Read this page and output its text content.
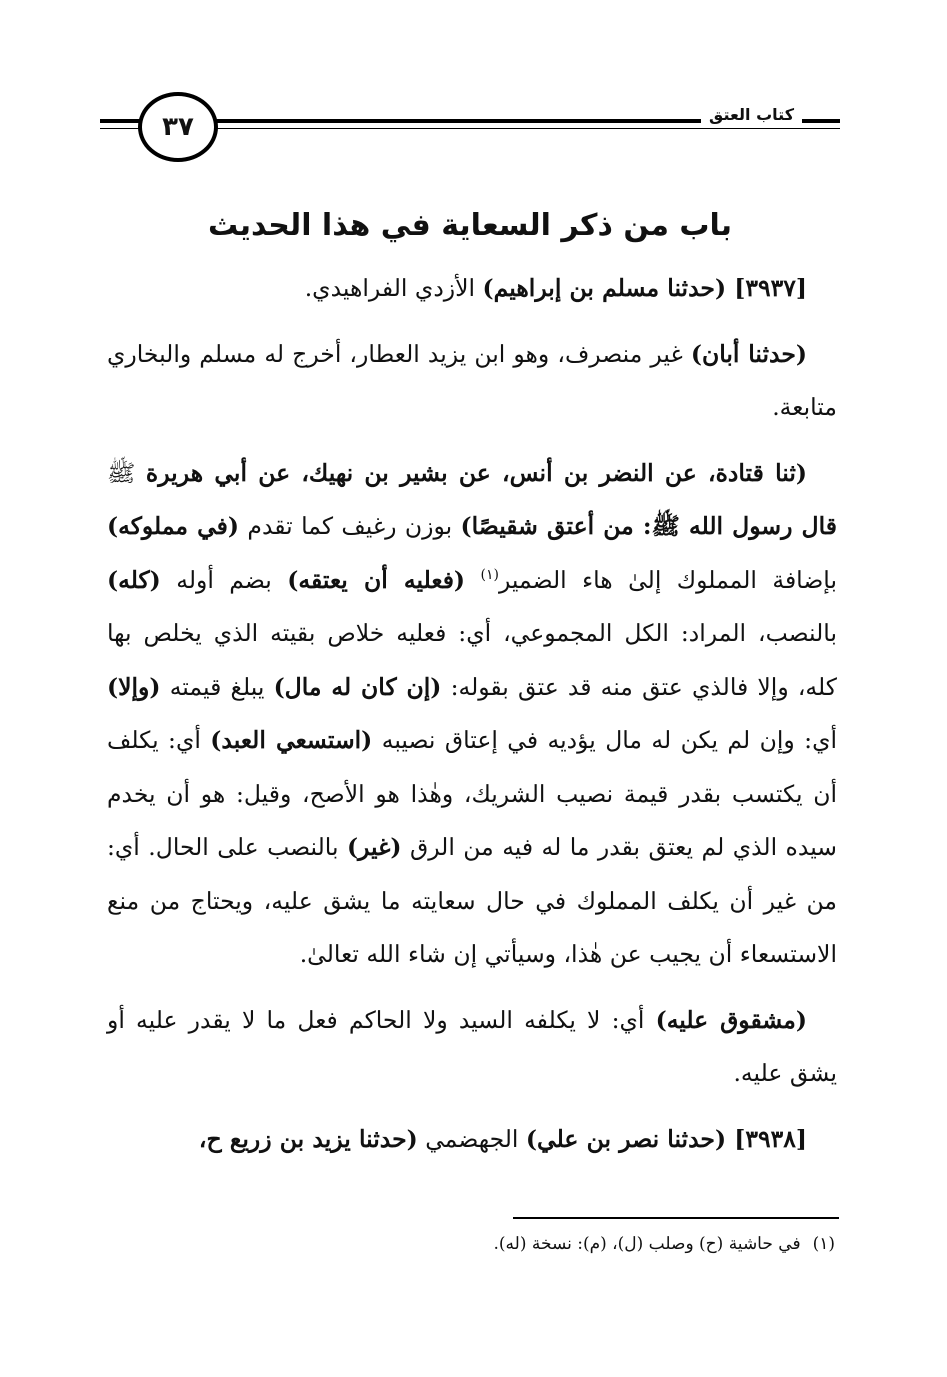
كتاب العتق
٣٧
باب من ذكر السعاية في هذا الحديث

[٣٩٣٧] (حدثنا مسلم بن إبراهيم) الأزدي الفراهيدي.

(حدثنا أبان) غير منصرف، وهو ابن يزيد العطار، أخرج له مسلم والبخاري متابعة.

(ثنا قتادة، عن النضر بن أنس، عن بشير بن نهيك، عن أبي هريرة ﷺ قال رسول الله ﷺ: من أعتق شقيصًا) بوزن رغيف كما تقدم (في مملوكه) بإضافة المملوك إلىٰ هاء الضمير$^{(١)}$ (فعليه أن يعتقه) بضم أوله (كله) بالنصب، المراد: الكل المجموعي، أي: فعليه خلاص بقيته الذي يخلص بها كله، وإلا فالذي عتق منه قد عتق بقوله: (إن كان له مال) يبلغ قيمته (وإلا) أي: وإن لم يكن له مال يؤديه في إعتاق نصيبه (استسعي العبد) أي: يكلف أن يكتسب بقدر قيمة نصيب الشريك، وهٰذا هو الأصح، وقيل: هو أن يخدم سيده الذي لم يعتق بقدر ما له فيه من الرق (غير) بالنصب على الحال. أي: من غير أن يكلف المملوك في حال سعايته ما يشق عليه، ويحتاج من منع الاستسعاء أن يجيب عن هٰذا، وسيأتي إن شاء الله تعالىٰ.

(مشقوق عليه) أي: لا يكلفه السيد ولا الحاكم فعل ما لا يقدر عليه أو يشق عليه.

[٣٩٣٨] (حدثنا نصر بن علي) الجهضمي (حدثنا يزيد بن زريع ح،

(١)في حاشية (ح) وصلب (ل)، (م): نسخة (له).
